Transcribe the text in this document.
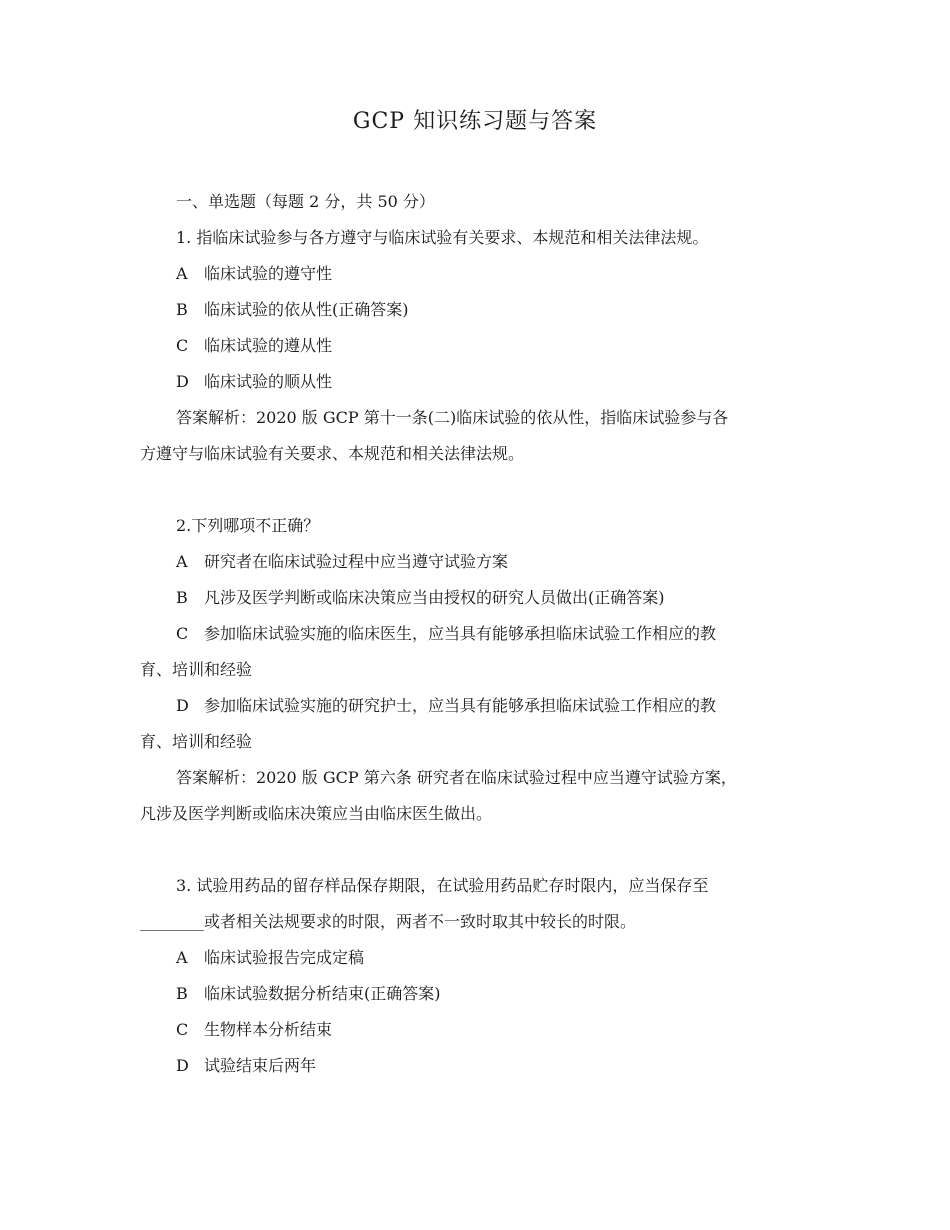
GCP 知识练习题与答案

一、单选题（每题 2 分，共 50 分）

1. 指临床试验参与各方遵守与临床试验有关要求、本规范和相关法律法规。

A 临床试验的遵守性

B 临床试验的依从性(正确答案)

C 临床试验的遵从性

D 临床试验的顺从性

答案解析：2020 版 GCP 第十一条(二)临床试验的依从性，指临床试验参与各

方遵守与临床试验有关要求、本规范和相关法律法规。

2.下列哪项不正确？

A 研究者在临床试验过程中应当遵守试验方案

B 凡涉及医学判断或临床决策应当由授权的研究人员做出(正确答案)

C 参加临床试验实施的临床医生，应当具有能够承担临床试验工作相应的教

育、培训和经验

D 参加临床试验实施的研究护士，应当具有能够承担临床试验工作相应的教

育、培训和经验

答案解析：2020 版 GCP 第六条 研究者在临床试验过程中应当遵守试验方案，

凡涉及医学判断或临床决策应当由临床医生做出。

3. 试验用药品的留存样品保存期限，在试验用药品贮存时限内，应当保存至

________或者相关法规要求的时限，两者不一致时取其中较长的时限。

A 临床试验报告完成定稿

B 临床试验数据分析结束(正确答案)

C 生物样本分析结束

D 试验结束后两年
